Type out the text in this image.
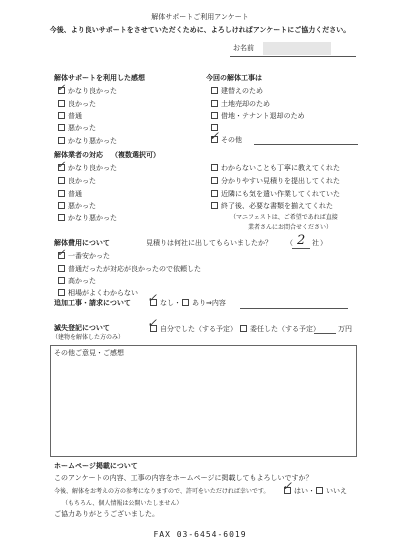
解体サポートご利用アンケート
今後、より良いサポートをさせていただくために、よろしければアンケートにご協力ください。
お名前
解体サポートを利用した感想
かなり良かった
✓
良かった
普通
悪かった
かなり悪かった
今回の解体工事は
建替えのため
土地売却のため
借地・テナント退却のため
その他
✓
解体業者の対応 （複数選択可）
かなり良かった
✓
良かった
普通
悪かった
かなり悪かった
わからないことも丁寧に教えてくれた
分かりやすい見積りを提出してくれた
近隣にも気を遣い作業してくれていた
終了後、必要な書類を揃えてくれた
（マニフェストは、ご希望であれば直接
業者さんにお問合せください）
解体費用について	見積りは何社に出してもらいましたか？ （ 2 社 ）
一番安かった
✓
普通だったが対応が良かったので依頼した
高かった
相場がよくわからない
追加工事・請求について	なし・ あり⇒内容
✓
滅失登記について
（建物を解体した方のみ）
自分でした（する予定）
✓	委任した（する予定）	万円
その他ご意見・ご感想
ホームページ掲載について
このアンケートの内容、工事の内容をホームページに掲載してもよろしいですか？
今後、解体をお考えの方の参考になりますので、許可をいただければ幸いです。
（もちろん、個人情報は公開いたしません）
はい・ いいえ
✓
ご協力ありがとうございました。
FAX 03-6454-6019
